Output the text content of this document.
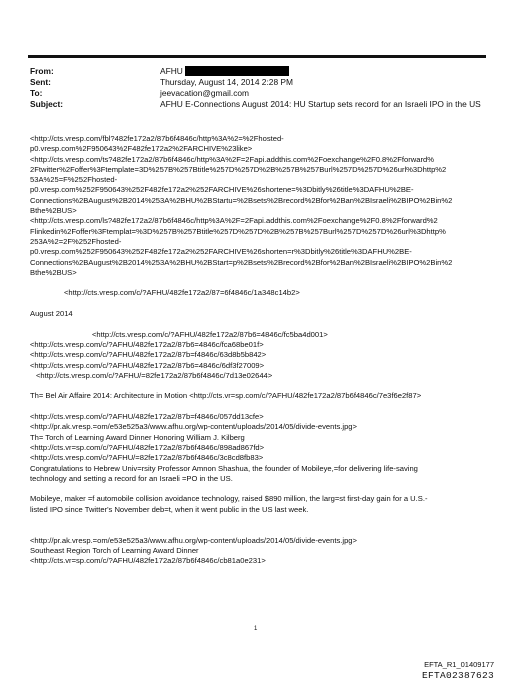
From:	AFHU
Sent:	Thursday, August 14, 2014 2:28 PM
To:	jeevacation@gmail.com
Subject:	AFHU E-Connections August 2014: HU Startup sets record for an Israeli IPO in the US

<http://cts.vresp.com/fbl?482fe172a2/87b6f4846c/http%3A%2=%2Fhosted-

p0.vresp.com%2F950643%2F482fe172a2%2FARCHIVE%23like>

<http://cts.vresp.com/ts?482fe172a2/87b6f4846c/http%3A%2F=2Fapi.addthis.com%2Foexchange%2F0.8%2Fforward%

2Ftwitter%2Foffer%3Ftemplate=3D%257B%257Btitle%257D%257D%2B%257B%257Burl%257D%257D%26url%3Dhttp%2

53A%25=F%252Fhosted-

p0.vresp.com%252F950643%252F482fe172a2%252FARCHIVE%26shortene=%3Dbitly%26title%3DAFHU%2BE-

Connections%2BAugust%2B2014%253A%2BHU%2BStartu=%2Bsets%2Brecord%2Bfor%2Ban%2BIsraeli%2BIPO%2Bin%2

Bthe%2BUS>

<http://cts.vresp.com/ls?482fe172a2/87b6f4846c/http%3A%2F=2Fapi.addthis.com%2Foexchange%2F0.8%2Fforward%2

Flinkedin%2Foffer%3Ftemplat=%3D%257B%257Btitle%257D%257D%2B%257B%257Burl%257D%257D%26url%3Dhttp%

253A%2=2F%252Fhosted-

p0.vresp.com%252F950643%252F482fe172a2%252FARCHIVE%26shorten=r%3Dbitly%26title%3DAFHU%2BE-

Connections%2BAugust%2B2014%253A%2BHU%2BStart=p%2Bsets%2Brecord%2Bfor%2Ban%2BIsraeli%2BIPO%2Bin%2

Bthe%2BUS>

<http://cts.vresp.com/c/?AFHU/482fe172a2/87=6f4846c/1a348c14b2>

August 2014

<http://cts.vresp.com/c/?AFHU/482fe172a2/87b6=4846c/fc5ba4d001>

<http://cts.vresp.com/c/?AFHU/482fe172a2/87b6=4846c/fca68be01f>

<http://cts.vresp.com/c/?AFHU/482fe172a2/87b=f4846c/63d8b5b842>

<http://cts.vresp.com/c/?AFHU/482fe172a2/87b6=4846c/6df3f27009>

<http://cts.vresp.com/c/?AFHU/=82fe172a2/87b6f4846c/7d13e02644>

Th= Bel Air Affaire 2014: Architecture in Motion <http://cts.vr=sp.com/c/?AFHU/482fe172a2/87b6f4846c/7e3f6e2f87>

<http://cts.vresp.com/c/?AFHU/482fe172a2/87b=f4846c/057dd13cfe>

<http://pr.ak.vresp.=om/e53e525a3/www.afhu.org/wp-content/uploads/2014/05/divide-events.jpg>

Th= Torch of Learning Award Dinner Honoring William J. Kilberg

<http://cts.vr=sp.com/c/?AFHU/482fe172a2/87b6f4846c/898ad867fd>

<http://cts.vresp.com/c/?AFHU/=82fe172a2/87b6f4846c/3c8cd8fb83>

Congratulations to Hebrew Univ=rsity Professor Amnon Shashua, the founder of Mobileye,=for delivering life-saving

technology and setting a record for an Israeli =PO in the US.

Mobileye, maker =f automobile collision avoidance technology, raised $890 million, the larg=st first-day gain for a U.S.-

listed IPO since Twitter's November deb=t, when it went public in the US last week.

<http://pr.ak.vresp.=om/e53e525a3/www.afhu.org/wp-content/uploads/2014/05/divide-events.jpg>

Southeast Region Torch of Learning Award Dinner

<http://cts.vr=sp.com/c/?AFHU/482fe172a2/87b6f4846c/cb81a0e231>

1
EFTA_R1_01409177
EFTA02387623
